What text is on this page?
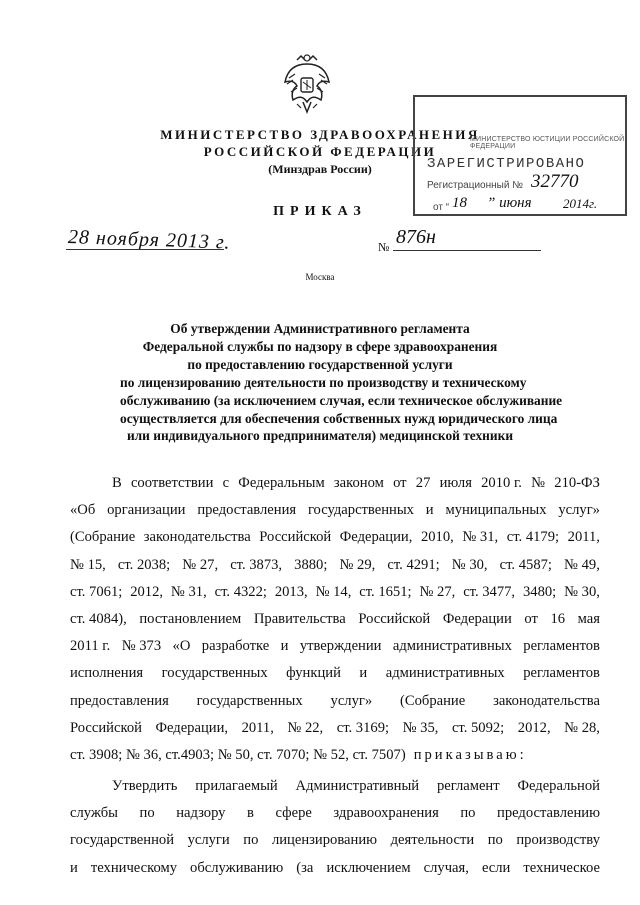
МИНИСТЕРСТВО ЗДРАВООХРАНЕНИЯ
РОССИЙСКОЙ ФЕДЕРАЦИИ
(Минздрав России)
ПРИКАЗ
МИНИСТЕРСТВО ЮСТИЦИИ РОССИЙСКОЙ ФЕДЕРАЦИИ
ЗАРЕГИСТРИРОВАНО
Регистрационный № 32770
от “ 18 ” июня 2014г.
28 ноября 2013 г.	№ 876н
Москва
Об утверждении Административного регламента
Федеральной службы по надзору в сфере здравоохранения
по предоставлению государственной услуги
по лицензированию деятельности по производству и техническому
обслуживанию (за исключением случая, если техническое обслуживание
осуществляется для обеспечения собственных нужд юридического лица
или индивидуального предпринимателя) медицинской техники
В соответствии с Федеральным законом от 27 июля 2010 г. № 210-ФЗ
«Об организации предоставления государственных и муниципальных услуг»
(Собрание законодательства Российской Федерации, 2010, № 31, ст. 4179; 2011,
№ 15, ст. 2038; № 27, ст. 3873, 3880; № 29, ст. 4291; № 30, ст. 4587; № 49,
ст. 7061; 2012, № 31, ст. 4322; 2013, № 14, ст. 1651; № 27, ст. 3477, 3480; № 30,
ст. 4084), постановлением Правительства Российской Федерации от 16 мая
2011 г. № 373 «О разработке и утверждении административных регламентов
исполнения государственных функций и административных регламентов
предоставления государственных услуг» (Собрание законодательства
Российской Федерации, 2011, № 22, ст. 3169; № 35, ст. 5092; 2012, № 28,
ст. 3908; № 36, ст.4903; № 50, ст. 7070; № 52, ст. 7507) приказываю:
Утвердить прилагаемый Административный регламент Федеральной
службы по надзору в сфере здравоохранения по предоставлению
государственной услуги по лицензированию деятельности по производству
и техническому обслуживанию (за исключением случая, если техническое
